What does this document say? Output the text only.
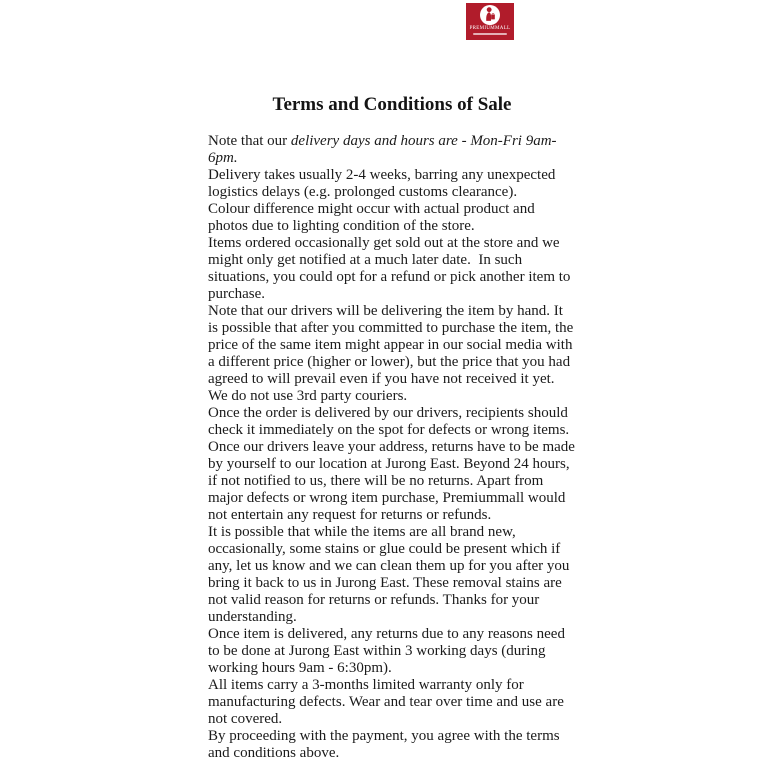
PREMIUMMALL
Terms and Conditions of Sale

Note that our delivery days and hours are - Mon-Fri 9am-6pm.

Delivery takes usually 2-4 weeks, barring any unexpected logistics delays (e.g. prolonged customs clearance).

Colour difference might occur with actual product and photos due to lighting condition of the store.

Items ordered occasionally get sold out at the store and we might only get notified at a much later date.  In such situations, you could opt for a refund or pick another item to purchase.

Note that our drivers will be delivering the item by hand. It is possible that after you committed to purchase the item, the price of the same item might appear in our social media with a different price (higher or lower), but the price that you had agreed to will prevail even if you have not received it yet. We do not use 3rd party couriers.

Once the order is delivered by our drivers, recipients should check it immediately on the spot for defects or wrong items.

Once our drivers leave your address, returns have to be made by yourself to our location at Jurong East. Beyond 24 hours, if not notified to us, there will be no returns. Apart from major defects or wrong item purchase, Premiummall would not entertain any request for returns or refunds.

It is possible that while the items are all brand new, occasionally, some stains or glue could be present which if any, let us know and we can clean them up for you after you bring it back to us in Jurong East. These removal stains are not valid reason for returns or refunds. Thanks for your understanding.

Once item is delivered, any returns due to any reasons need to be done at Jurong East within 3 working days (during working hours 9am - 6:30pm).

All items carry a 3-months limited warranty only for manufacturing defects. Wear and tear over time and use are not covered.

By proceeding with the payment, you agree with the terms and conditions above.
